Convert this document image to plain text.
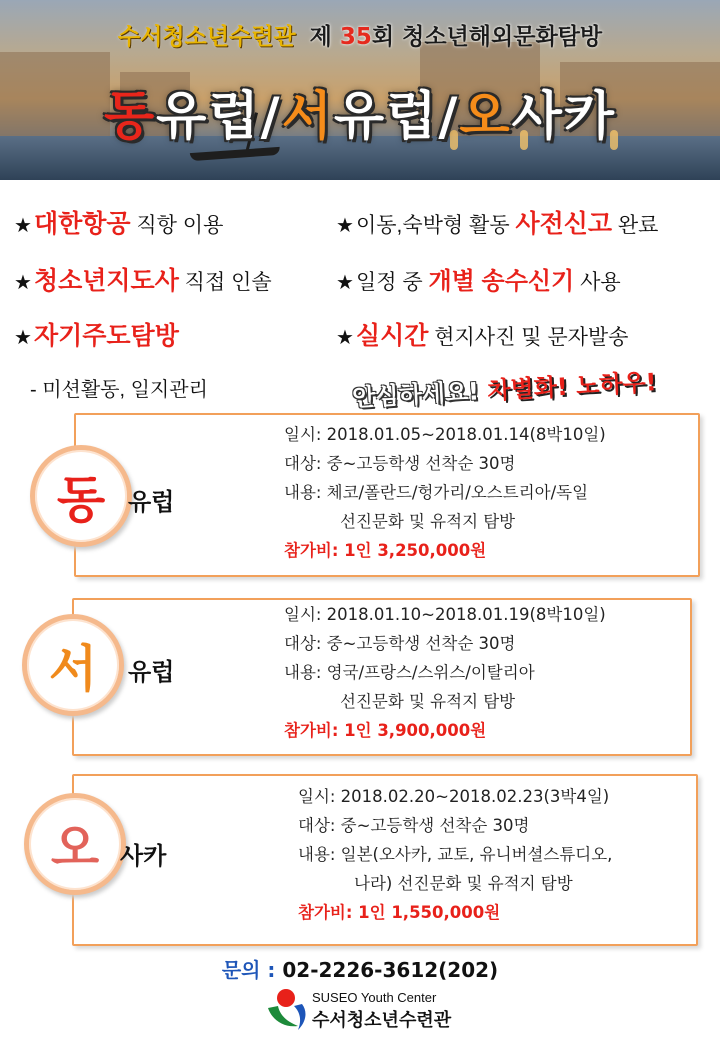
수서청소년수련관 제 35회 청소년해외문화탐방
동유럽/서유럽/오사카
★대한항공 직항 이용	★이동,숙박형 활동 사전신고 완료
★청소년지도사 직접 인솔	★일정 중 개별 송수신기 사용
★자기주도탐방	★실시간 현지사진 및 문자발송
- 미션활동, 일지관리	안심하세요! 차별화! 노하우!
동 유럽
일시: 2018.01.05~2018.01.14(8박10일)
대상: 중~고등학생 선착순 30명
내용: 체코/폴란드/헝가리/오스트리아/독일
선진문화 및 유적지 탐방
참가비: 1인 3,250,000원
서 유럽
일시: 2018.01.10~2018.01.19(8박10일)
대상: 중~고등학생 선착순 30명
내용: 영국/프랑스/스위스/이탈리아
선진문화 및 유적지 탐방
참가비: 1인 3,900,000원
오 사카
일시: 2018.02.20~2018.02.23(3박4일)
대상: 중~고등학생 선착순 30명
내용: 일본(오사카, 교토, 유니버셜스튜디오,
나라) 선진문화 및 유적지 탐방
참가비: 1인 1,550,000원
문의 : 02-2226-3612(202)
SUSEO Youth Center
수서청소년수련관
